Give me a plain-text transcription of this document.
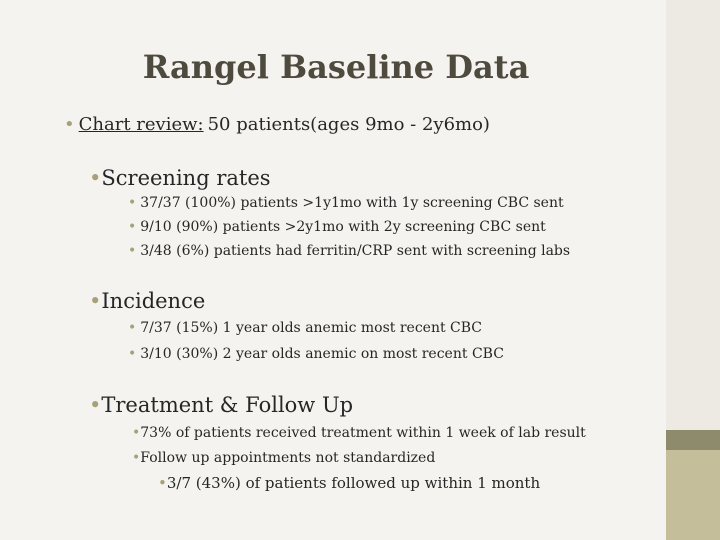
Rangel Baseline Data
• Chart review: 50 patients(ages 9mo - 2y6mo)
•Screening rates
• 37/37 (100%) patients >1y1mo with 1y screening CBC sent
• 9/10 (90%) patients >2y1mo with 2y screening CBC sent
• 3/48 (6%) patients had ferritin/CRP sent with screening labs
•Incidence
• 7/37 (15%) 1 year olds anemic most recent CBC
• 3/10 (30%) 2 year olds anemic on most recent CBC
•Treatment & Follow Up
•73% of patients received treatment within 1 week of lab result
•Follow up appointments not standardized
•3/7 (43%) of patients followed up within 1 month
